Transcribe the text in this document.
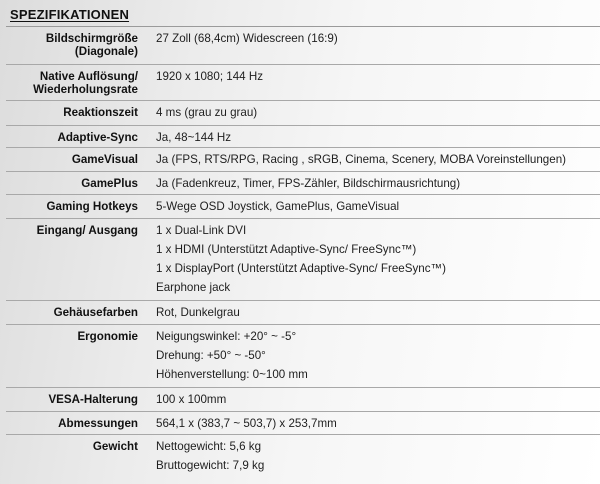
SPEZIFIKATIONEN
Bildschirmgröße
(Diagonale)	27 Zoll (68,4cm) Widescreen (16:9)

Native Auflösung/
Wiederholungsrate	1920 x 1080; 144 Hz

Reaktionszeit	4 ms (grau zu grau)

Adaptive-Sync	Ja, 48~144 Hz

GameVisual	Ja (FPS, RTS/RPG, Racing , sRGB, Cinema, Scenery, MOBA Voreinstellungen)

GamePlus	Ja (Fadenkreuz, Timer, FPS-Zähler, Bildschirmausrichtung)

Gaming Hotkeys	5-Wege OSD Joystick, GamePlus, GameVisual

Eingang/ Ausgang	1 x Dual-Link DVI
1 x HDMI (Unterstützt Adaptive-Sync/ FreeSync™)
1 x DisplayPort (Unterstützt Adaptive-Sync/ FreeSync™)
Earphone jack

Gehäusefarben	Rot, Dunkelgrau

Ergonomie	Neigungswinkel: +20° ~ -5°
Drehung: +50° ~ -50°
Höhenverstellung: 0~100 mm

VESA-Halterung	100 x 100mm

Abmessungen	564,1 x (383,7 ~ 503,7) x 253,7mm

Gewicht	Nettogewicht: 5,6 kg
Bruttogewicht: 7,9 kg
